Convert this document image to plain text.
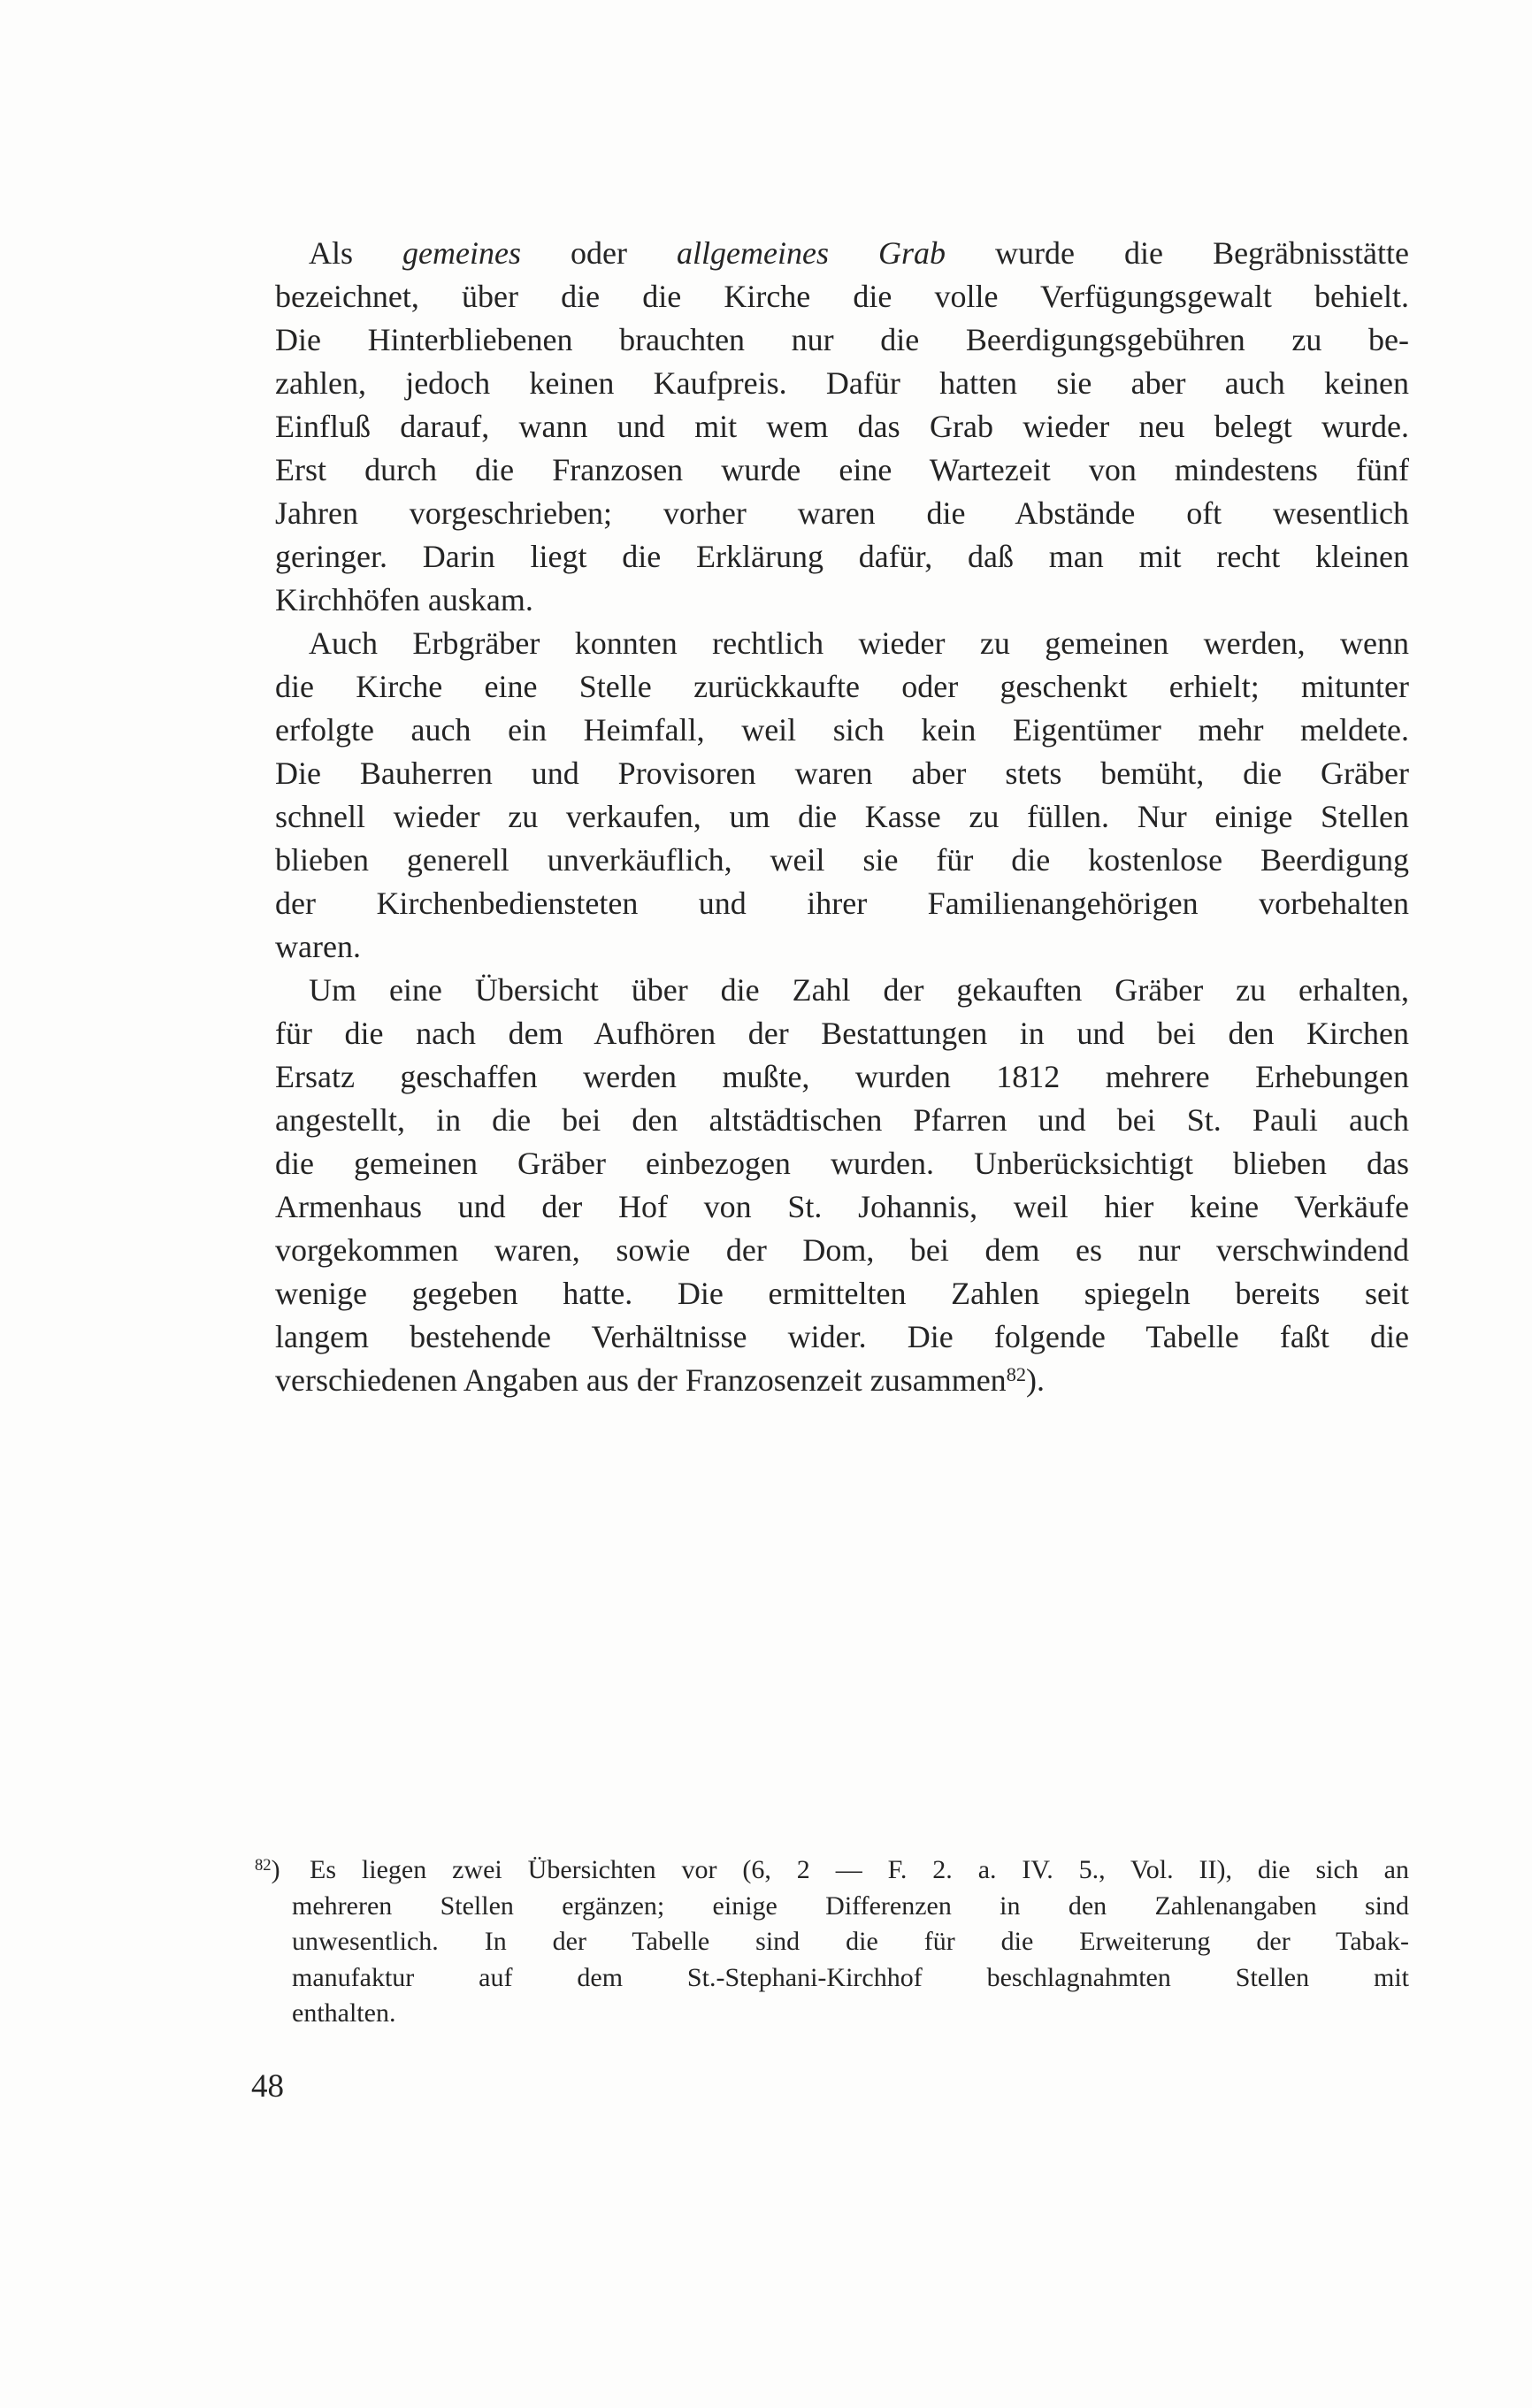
Als gemeines oder allgemeines Grab wurde die Begräbnisstätte
bezeichnet, über die die Kirche die volle Verfügungsgewalt behielt.
Die Hinterbliebenen brauchten nur die Beerdigungsgebühren zu be-
zahlen, jedoch keinen Kaufpreis. Dafür hatten sie aber auch keinen
Einfluß darauf, wann und mit wem das Grab wieder neu belegt wurde.
Erst durch die Franzosen wurde eine Wartezeit von mindestens fünf
Jahren vorgeschrieben; vorher waren die Abstände oft wesentlich
geringer. Darin liegt die Erklärung dafür, daß man mit recht kleinen
Kirchhöfen auskam.
Auch Erbgräber konnten rechtlich wieder zu gemeinen werden, wenn
die Kirche eine Stelle zurückkaufte oder geschenkt erhielt; mitunter
erfolgte auch ein Heimfall, weil sich kein Eigentümer mehr meldete.
Die Bauherren und Provisoren waren aber stets bemüht, die Gräber
schnell wieder zu verkaufen, um die Kasse zu füllen. Nur einige Stellen
blieben generell unverkäuflich, weil sie für die kostenlose Beerdigung
der Kirchenbediensteten und ihrer Familienangehörigen vorbehalten
waren.
Um eine Übersicht über die Zahl der gekauften Gräber zu erhalten,
für die nach dem Aufhören der Bestattungen in und bei den Kirchen
Ersatz geschaffen werden mußte, wurden 1812 mehrere Erhebungen
angestellt, in die bei den altstädtischen Pfarren und bei St. Pauli auch
die gemeinen Gräber einbezogen wurden. Unberücksichtigt blieben das
Armenhaus und der Hof von St. Johannis, weil hier keine Verkäufe
vorgekommen waren, sowie der Dom, bei dem es nur verschwindend
wenige gegeben hatte. Die ermittelten Zahlen spiegeln bereits seit
langem bestehende Verhältnisse wider. Die folgende Tabelle faßt die
verschiedenen Angaben aus der Franzosenzeit zusammen$^{82}$).
$^{82}$)	Es liegen zwei Übersichten vor (6, 2 — F. 2. a. IV. 5., Vol. II), die sich an
mehreren Stellen ergänzen; einige Differenzen in den Zahlenangaben sind
unwesentlich. In der Tabelle sind die für die Erweiterung der Tabak-
manufaktur auf dem St.-Stephani-Kirchhof beschlagnahmten Stellen mit
enthalten.
48
